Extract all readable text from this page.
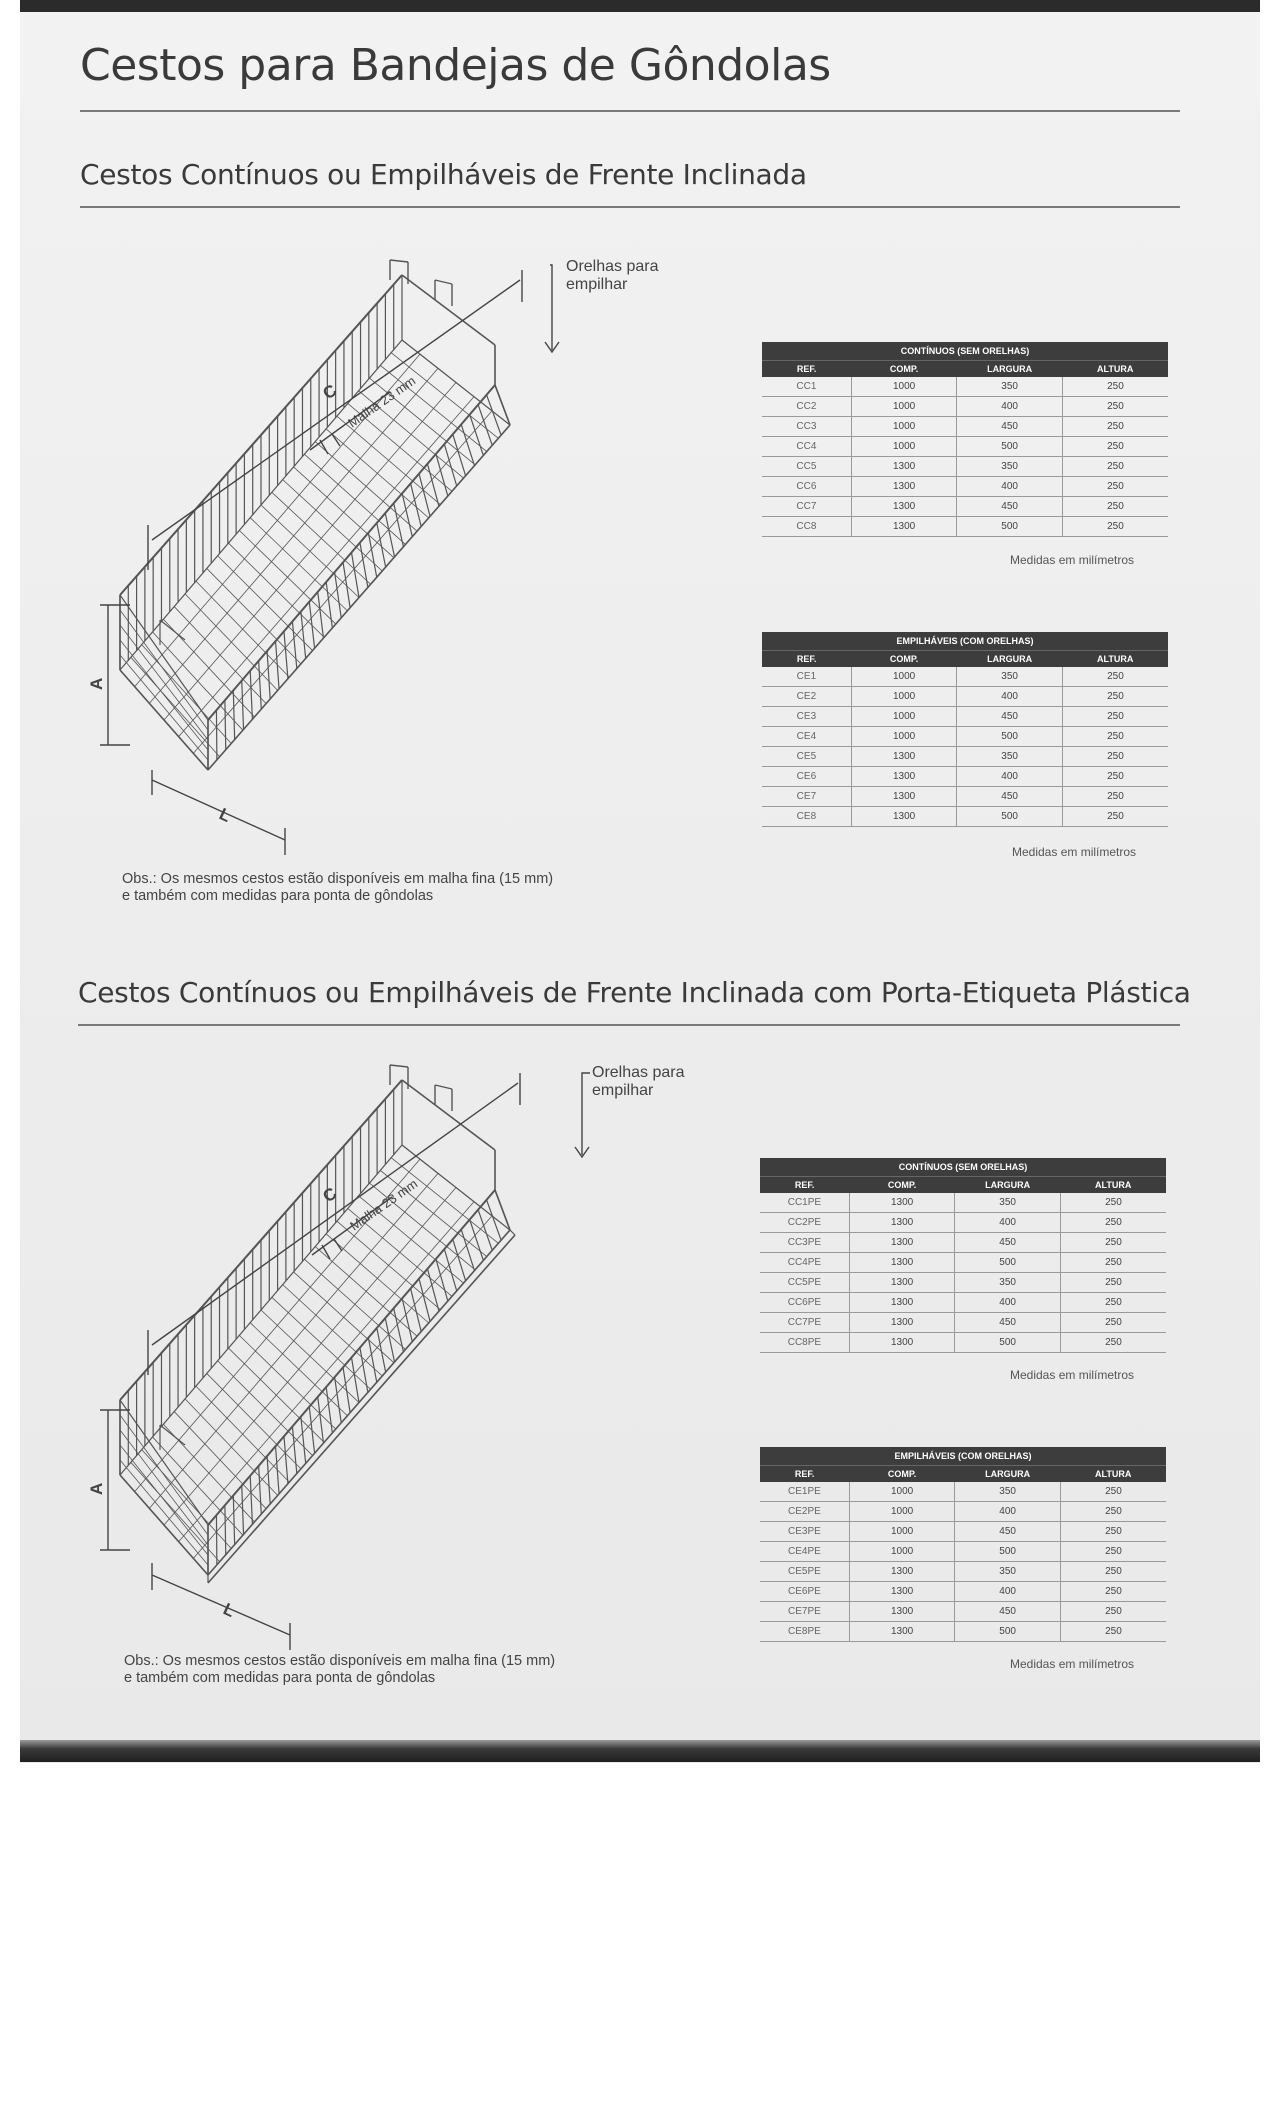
Cestos para Bandejas de Gôndolas
Cestos Contínuos ou Empilháveis de Frente Inclinada
C Malha 23 mm
A
L
Orelhas para
empilhar
CONTÍNUOS (SEM ORELHAS)			
REF.	COMP.	LARGURA	ALTURA
CC1	1000	350	250
CC2	1000	400	250
CC3	1000	450	250
CC4	1000	500	250
CC5	1300	350	250
CC6	1300	400	250
CC7	1300	450	250
CC8	1300	500	250
Medidas em milímetros
EMPILHÁVEIS (COM ORELHAS)			
REF.	COMP.	LARGURA	ALTURA
CE1	1000	350	250
CE2	1000	400	250
CE3	1000	450	250
CE4	1000	500	250
CE5	1300	350	250
CE6	1300	400	250
CE7	1300	450	250
CE8	1300	500	250
Medidas em milímetros
Obs.: Os mesmos cestos estão disponíveis em malha fina (15 mm)
e também com medidas para ponta de gôndolas
Cestos Contínuos ou Empilháveis de Frente Inclinada com Porta-Etiqueta Plástica
C Malha 23 mm
A
L
Orelhas para
empilhar
CONTÍNUOS (SEM ORELHAS)			
REF.	COMP.	LARGURA	ALTURA
CC1PE	1300	350	250
CC2PE	1300	400	250
CC3PE	1300	450	250
CC4PE	1300	500	250
CC5PE	1300	350	250
CC6PE	1300	400	250
CC7PE	1300	450	250
CC8PE	1300	500	250
Medidas em milímetros
EMPILHÁVEIS (COM ORELHAS)			
REF.	COMP.	LARGURA	ALTURA
CE1PE	1000	350	250
CE2PE	1000	400	250
CE3PE	1000	450	250
CE4PE	1000	500	250
CE5PE	1300	350	250
CE6PE	1300	400	250
CE7PE	1300	450	250
CE8PE	1300	500	250
Medidas em milímetros
Obs.: Os mesmos cestos estão disponíveis em malha fina (15 mm)
e também com medidas para ponta de gôndolas
